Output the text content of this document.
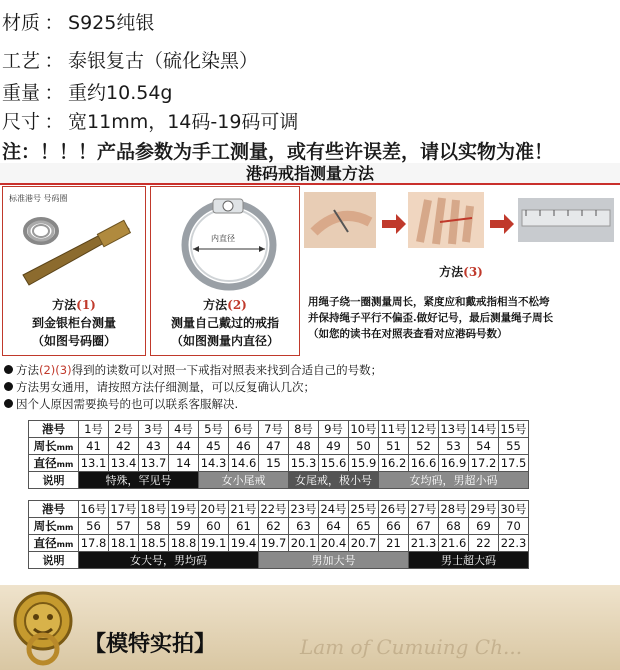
材质 ： S925纯银
工艺 ： 泰银复古（硫化染黑）
重量 ： 重约10.54g
尺寸 ： 宽11mm，14码-19码可调
注：！！！产品参数为手工测量，或有些许误差，请以实物为准！
港码戒指测量方法
标准港号 号码圈
方法(1)
到金银柜台测量
（如图号码圈）
内直径
方法(2)
测量自己戴过的戒指
（如图测量内直径）
方法(3)
用绳子绕一圈测量周长，紧度应和戴戒指相当不松垮
并保持绳子平行不偏歪.做好记号，最后测量绳子周长
（如您的读书在对照表查看对应港码号数）
方法(2)(3)得到的读数可以对照一下戒指对照表来找到合适自己的号数；
方法男女通用，请按照方法仔细测量，可以反复确认几次；
因个人原因需要换号的也可以联系客服解决.
港号	1号	2号	3号	4号	5号	6号	7号	8号	9号	10号	11号	12号	13号	14号	15号
周长mm	41	42	43	44	45	46	47	48	49	50	51	52	53	54	55
直径mm	13.1	13.4	13.7	14	14.3	14.6	15	15.3	15.6	15.9	16.2	16.6	16.9	17.2	17.5
说明	特殊，罕见号				女小尾戒			女尾戒，极小号			女均码，男超小码				
港号	16号	17号	18号	19号	20号	21号	22号	23号	24号	25号	26号	27号	28号	29号	30号
周长mm	56	57	58	59	60	61	62	63	64	65	66	67	68	69	70
直径mm	17.8	18.1	18.5	18.8	19.1	19.4	19.7	20.1	20.4	20.7	21	21.3	21.6	22	22.3
说明	女大号，男均码						男加大号					男士超大码			
【模特实拍】	Lam of Cumuing Ch...
